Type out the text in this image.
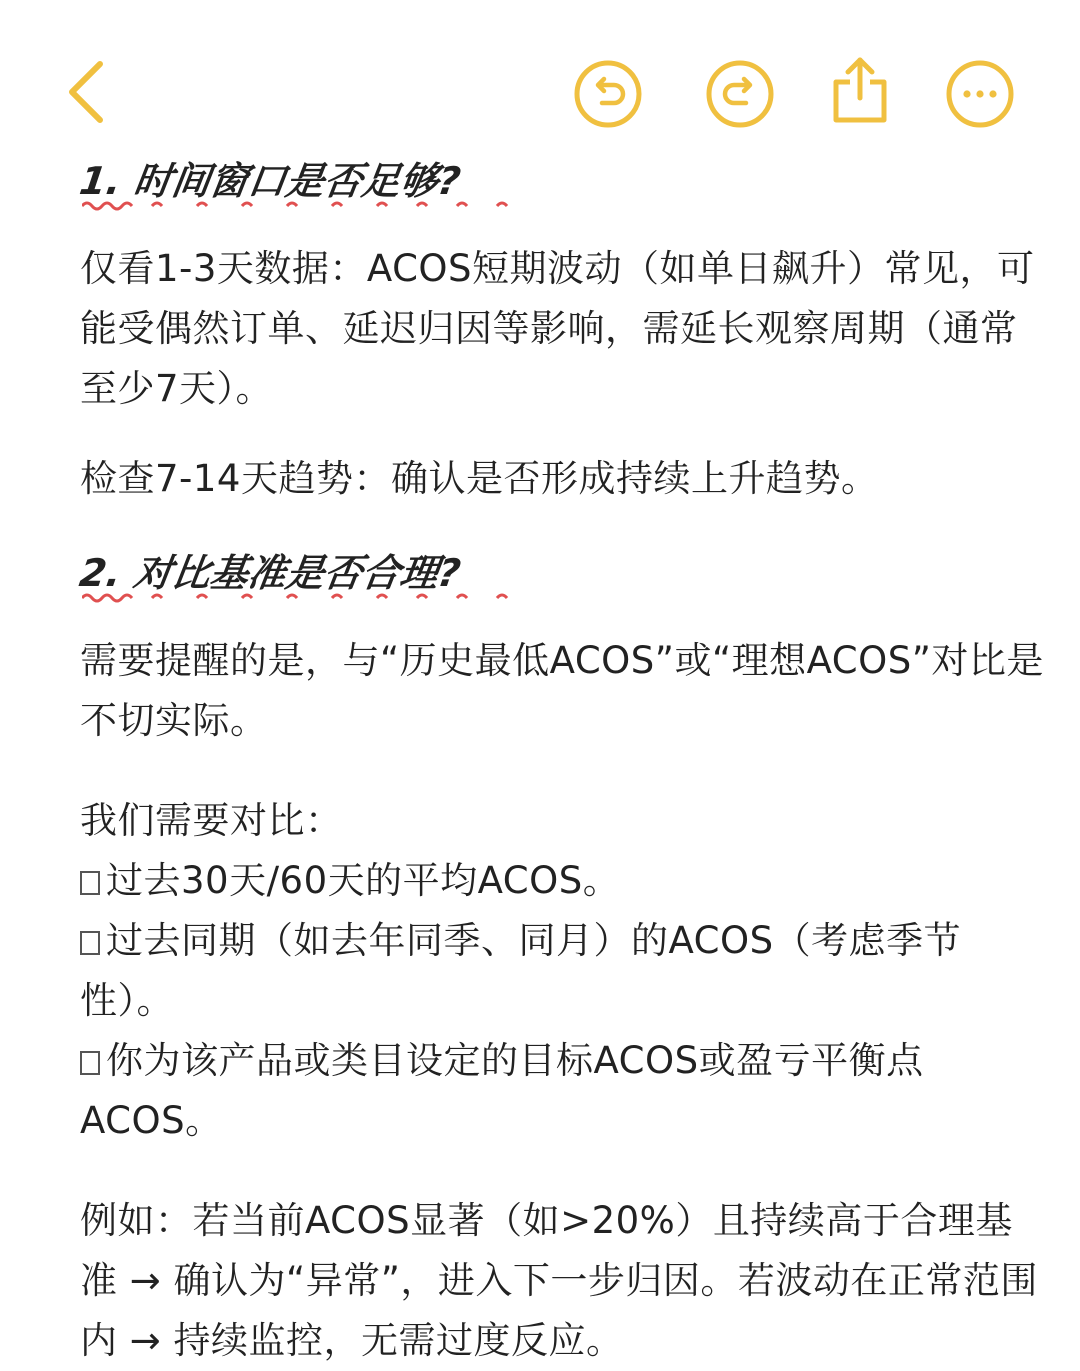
1. 时间窗口是否足够?

仅看1-3天数据：ACOS短期波动（如单日飙升）常见，可能受偶然订单、延迟归因等影响，需延长观察周期（通常至少7天）。

检查7-14天趋势：确认是否形成持续上升趋势。

2. 对比基准是否合理?

需要提醒的是，与“历史最低ACOS”或“理想ACOS”对比是不切实际。

我们需要对比：

过去30天/60天的平均ACOS。

过去同期（如去年同季、同月）的ACOS（考虑季节性）。

你为该产品或类目设定的目标ACOS或盈亏平衡点ACOS。

例如：若当前ACOS显著（如>20%）且持续高于合理基准 → 确认为“异常”，进入下一步归因。若波动在正常范围内 → 持续监控，无需过度反应。
